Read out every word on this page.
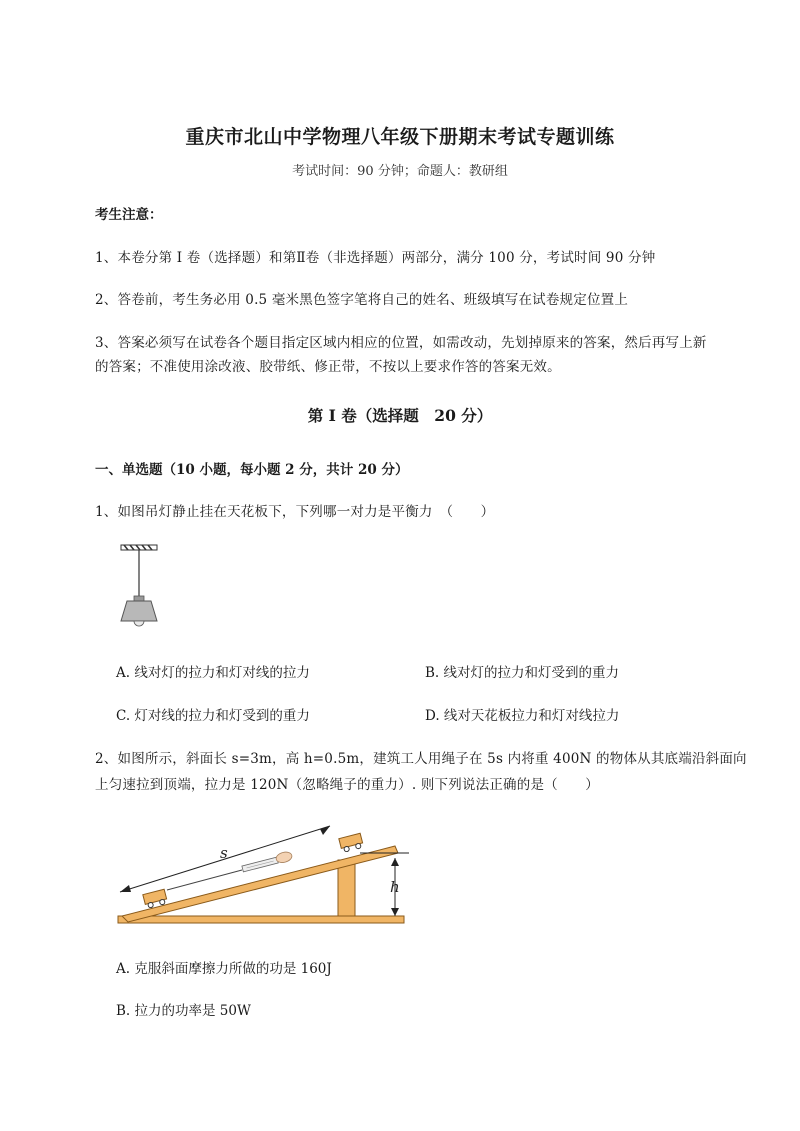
重庆市北山中学物理八年级下册期末考试专题训练
考试时间：90 分钟；命题人：教研组
考生注意：
1、本卷分第 I 卷（选择题）和第Ⅱ卷（非选择题）两部分，满分 100 分，考试时间 90 分钟
2、答卷前，考生务必用 0.5 毫米黑色签字笔将自己的姓名、班级填写在试卷规定位置上
3、答案必须写在试卷各个题目指定区域内相应的位置，如需改动，先划掉原来的答案，然后再写上新
的答案；不准使用涂改液、胶带纸、修正带，不按以上要求作答的答案无效。
第 I 卷（选择题　20 分）
一、单选题（10 小题，每小题 2 分，共计 20 分）
1、如图吊灯静止挂在天花板下，下列哪一对力是平衡力　（　　）
A. 线对灯的拉力和灯对线的拉力	B. 线对灯的拉力和灯受到的重力
C. 灯对线的拉力和灯受到的重力	D. 线对天花板拉力和灯对线拉力
2、如图所示，斜面长 s=3m，高 h=0.5m，建筑工人用绳子在 5s 内将重 400N 的物体从其底端沿斜面向
上匀速拉到顶端，拉力是 120N（忽略绳子的重力）. 则下列说法正确的是（　　）
h
s
A. 克服斜面摩擦力所做的功是 160J
B. 拉力的功率是 50W
